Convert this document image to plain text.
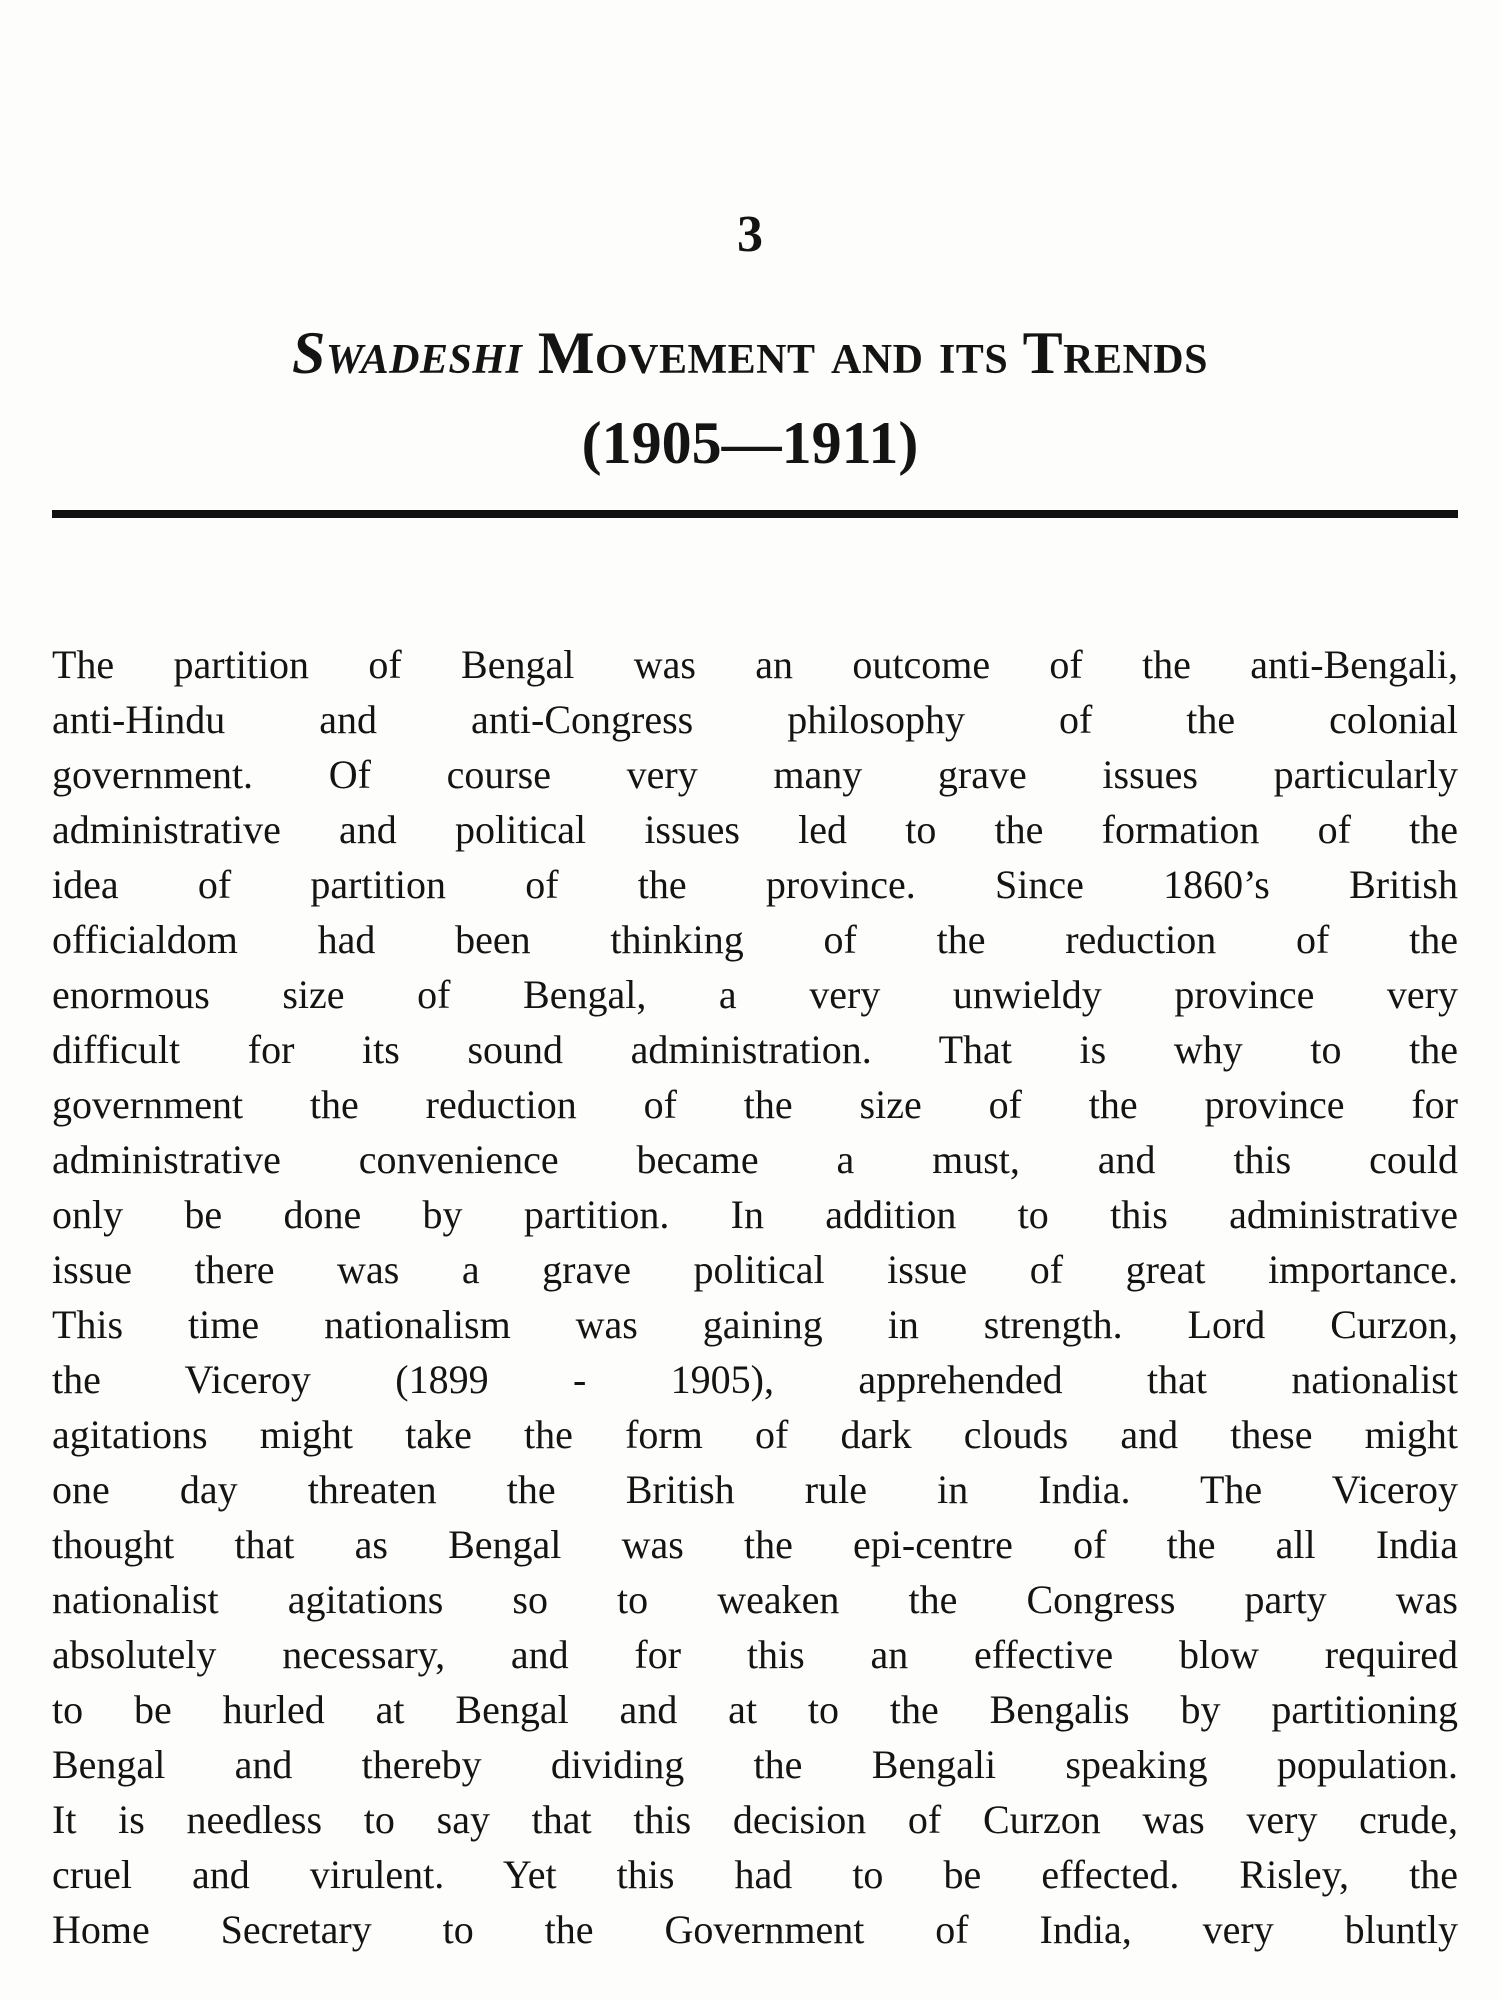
3
Swadeshi Movement and its Trends
(1905—1911)
The partition of Bengal was an outcome of the anti-Bengali,
anti-Hindu and anti-Congress philosophy of the colonial
government. Of course very many grave issues particularly
administrative and political issues led to the formation of the
idea of partition of the province. Since 1860’s British
officialdom had been thinking of the reduction of the
enormous size of Bengal, a very unwieldy province very
difficult for its sound administration. That is why to the
government the reduction of the size of the province for
administrative convenience became a must, and this could
only be done by partition. In addition to this administrative
issue there was a grave political issue of great importance.
This time nationalism was gaining in strength. Lord Curzon,
the Viceroy (1899 - 1905), apprehended that nationalist
agitations might take the form of dark clouds and these might
one day threaten the British rule in India. The Viceroy
thought that as Bengal was the epi-centre of the all India
nationalist agitations so to weaken the Congress party was
absolutely necessary, and for this an effective blow required
to be hurled at Bengal and at to the Bengalis by partitioning
Bengal and thereby dividing the Bengali speaking population.
It is needless to say that this decision of Curzon was very crude,
cruel and virulent. Yet this had to be effected. Risley, the
Home Secretary to the Government of India, very bluntly
